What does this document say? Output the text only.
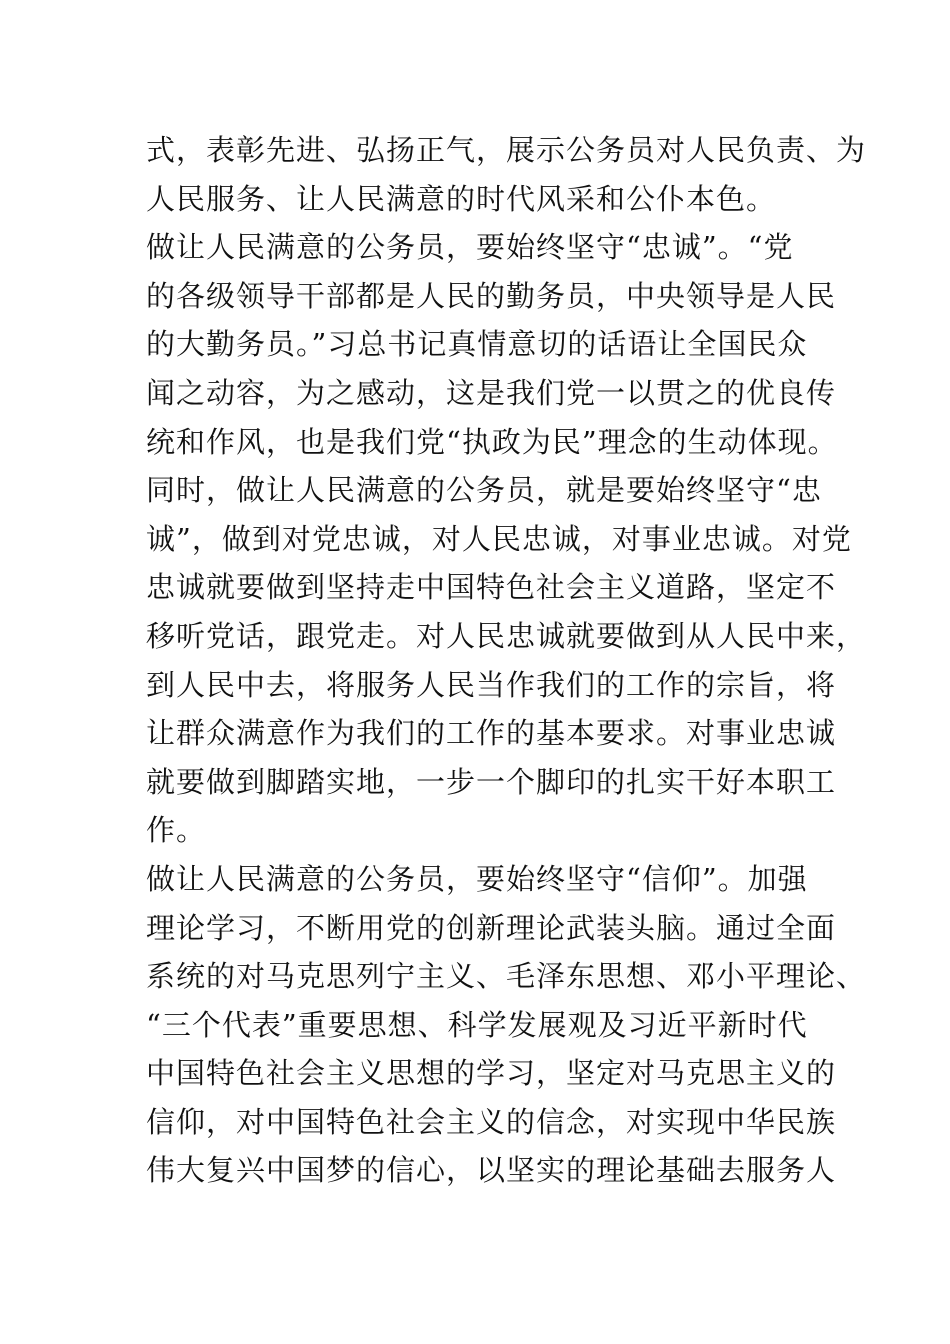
式，表彰先进、弘扬正气，展示公务员对人民负责、为
人民服务、让人民满意的时代风采和公仆本色。
做让人民满意的公务员，要始终坚守“忠诚”。“党
的各级领导干部都是人民的勤务员，中央领导是人民
的大勤务员。”习总书记真情意切的话语让全国民众
闻之动容，为之感动，这是我们党一以贯之的优良传
统和作风，也是我们党“执政为民”理念的生动体现。
同时，做让人民满意的公务员，就是要始终坚守“忠
诚”，做到对党忠诚，对人民忠诚，对事业忠诚。对党
忠诚就要做到坚持走中国特色社会主义道路，坚定不
移听党话，跟党走。对人民忠诚就要做到从人民中来，
到人民中去，将服务人民当作我们的工作的宗旨，将
让群众满意作为我们的工作的基本要求。对事业忠诚
就要做到脚踏实地，一步一个脚印的扎实干好本职工
作。
做让人民满意的公务员，要始终坚守“信仰”。加强
理论学习，不断用党的创新理论武装头脑。通过全面
系统的对马克思列宁主义、毛泽东思想、邓小平理论、
“三个代表”重要思想、科学发展观及习近平新时代
中国特色社会主义思想的学习，坚定对马克思主义的
信仰，对中国特色社会主义的信念，对实现中华民族
伟大复兴中国梦的信心，以坚实的理论基础去服务人
